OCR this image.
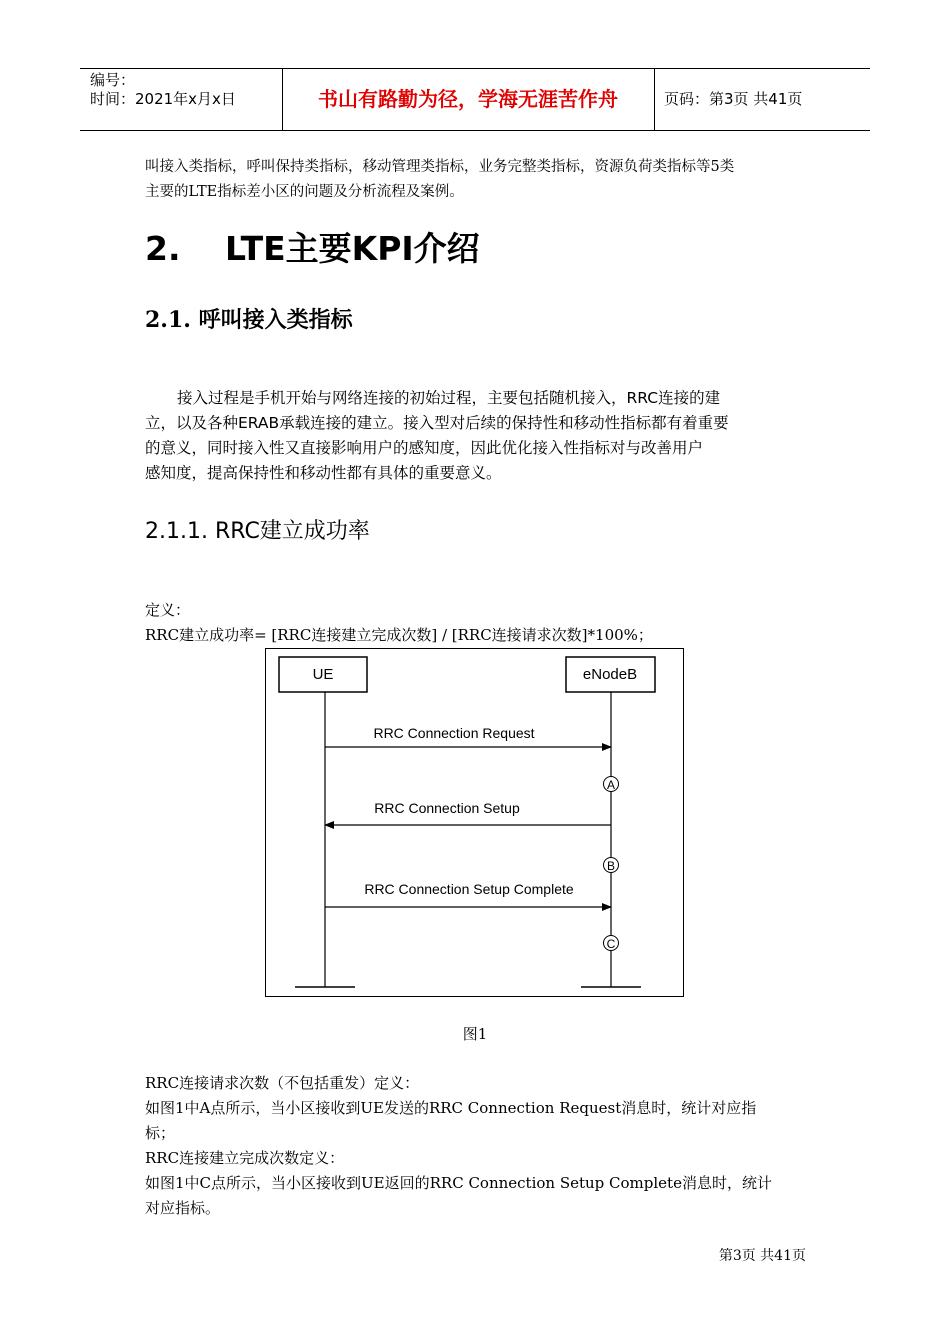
编号：
时间：2021年x月x日	书山有路勤为径，学海无涯苦作舟	页码：第3页 共41页
叫接入类指标，呼叫保持类指标，移动管理类指标，业务完整类指标，资源负荷类指标等5类
主要的LTE指标差小区的问题及分析流程及案例。
2. LTE主要KPI介绍
2.1. 呼叫接入类指标
接入过程是手机开始与网络连接的初始过程，主要包括随机接入，RRC连接的建
立，以及各种ERAB承载连接的建立。接入型对后续的保持性和移动性指标都有着重要
的意义，同时接入性又直接影响用户的感知度，因此优化接入性指标对与改善用户
感知度，提高保持性和移动性都有具体的重要意义。
2.1.1. RRC建立成功率
定义：
RRC建立成功率= [RRC连接建立完成次数] / [RRC连接请求次数]*100%；
UE	eNodeB
RRC Connection Request
A
RRC Connection Setup
B
RRC Connection Setup Complete
C
图1
RRC连接请求次数（不包括重发）定义：
如图1中A点所示，当小区接收到UE发送的RRC Connection Request消息时，统计对应指
标；
RRC连接建立完成次数定义：
如图1中C点所示，当小区接收到UE返回的RRC Connection Setup Complete消息时，统计
对应指标。
第3页 共41页
